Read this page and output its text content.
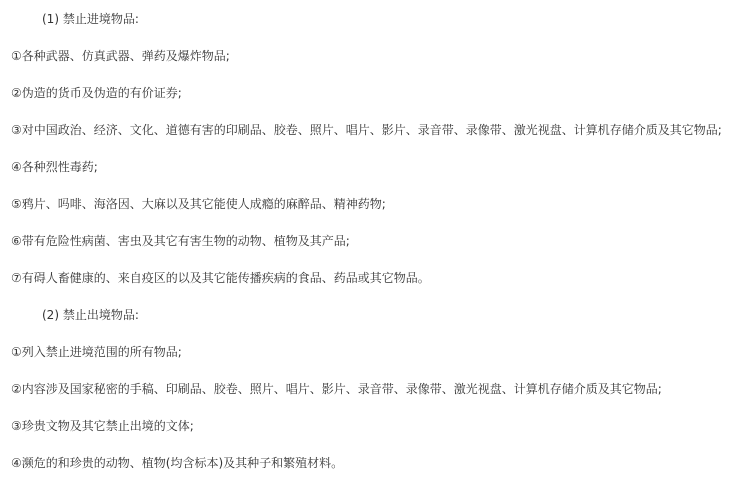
(1) 禁止进境物品:

①各种武器、仿真武器、弹药及爆炸物品;

②伪造的货币及伪造的有价证券;

③对中国政治、经济、文化、道德有害的印刷品、胶卷、照片、唱片、影片、录音带、录像带、激光视盘、计算机存储介质及其它物品;

④各种烈性毒药;

⑤鸦片、吗啡、海洛因、大麻以及其它能使人成瘾的麻醉品、精神药物;

⑥带有危险性病菌、害虫及其它有害生物的动物、植物及其产品;

⑦有碍人畜健康的、来自疫区的以及其它能传播疾病的食品、药品或其它物品。

(2) 禁止出境物品:

①列入禁止进境范围的所有物品;

②内容涉及国家秘密的手稿、印刷品、胶卷、照片、唱片、影片、录音带、录像带、激光视盘、计算机存储介质及其它物品;

③珍贵文物及其它禁止出境的文体;

④濒危的和珍贵的动物、植物(均含标本)及其种子和繁殖材料。
